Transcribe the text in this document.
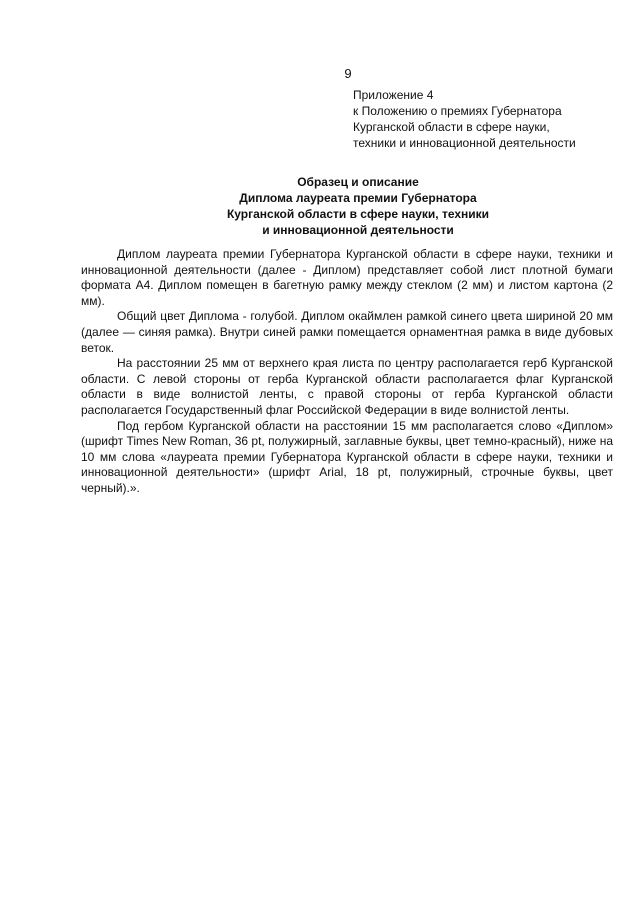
9
Приложение 4
к Положению о премиях Губернатора
Курганской области в сфере науки,
техники и инновационной деятельности
Образец и описание
Диплома лауреата премии Губернатора
Курганской области в сфере науки, техники
и инновационной деятельности

Диплом лауреата премии Губернатора Курганской области в сфере науки, техники и инновационной деятельности (далее - Диплом) представляет собой лист плотной бумаги формата А4. Диплом помещен в багетную рамку между стеклом (2 мм) и листом картона (2 мм).

Общий цвет Диплома - голубой. Диплом окаймлен рамкой синего цвета шириной 20 мм (далее — синяя рамка). Внутри синей рамки помещается орнаментная рамка в виде дубовых веток.

На расстоянии 25 мм от верхнего края листа по центру располагается герб Курганской области. С левой стороны от герба Курганской области располагается флаг Курганской области в виде волнистой ленты, с правой стороны от герба Курганской области располагается Государственный флаг Российской Федерации в виде волнистой ленты.

Под гербом Курганской области на расстоянии 15 мм располагается слово «Диплом» (шрифт Times New Roman, 36 pt, полужирный, заглавные буквы, цвет темно-красный), ниже на 10 мм слова «лауреата премии Губернатора Курганской области в сфере науки, техники и инновационной деятельности» (шрифт Arial, 18 pt, полужирный, строчные буквы, цвет черный).».
